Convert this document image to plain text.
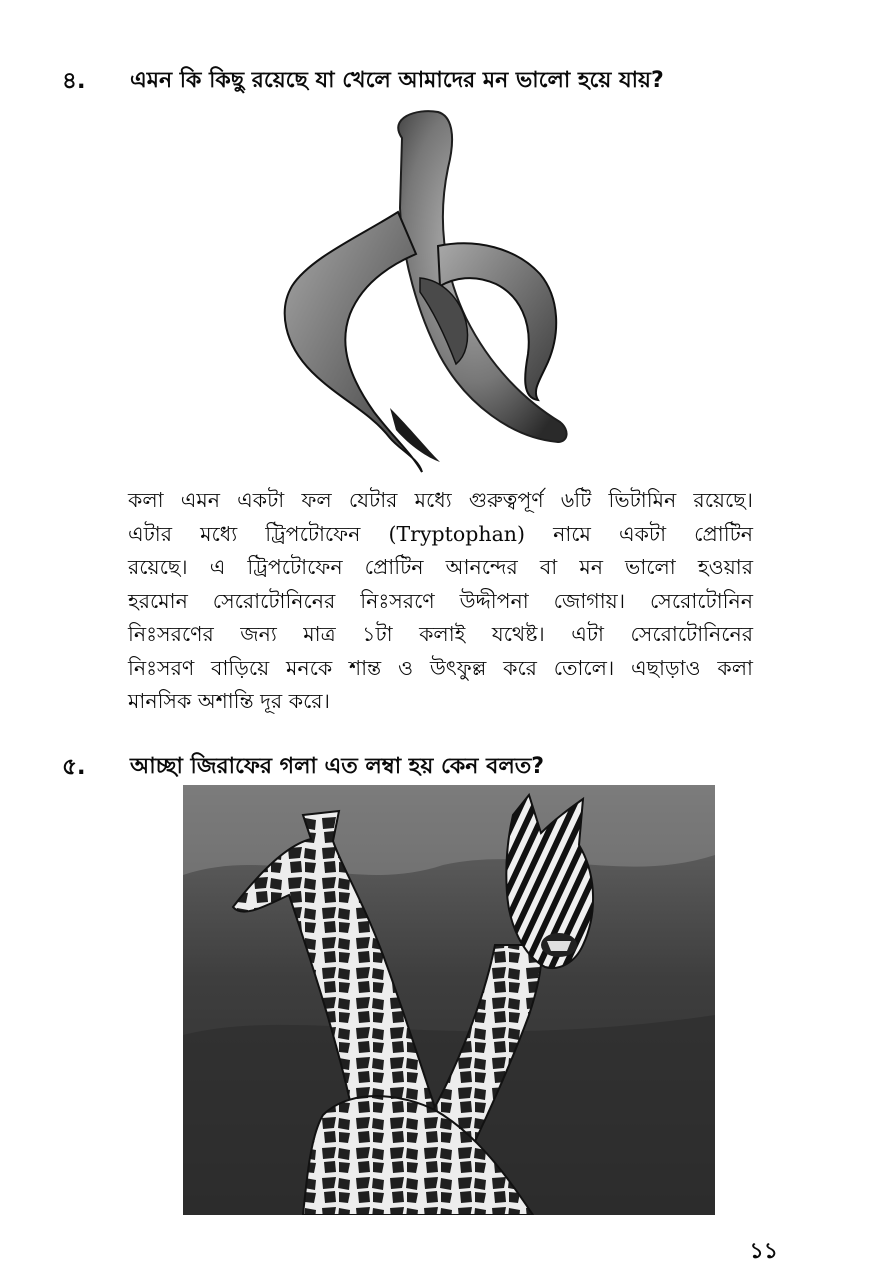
৪. এমন কি কিছু রয়েছে যা খেলে আমাদের মন ভালো হয়ে যায়?
কলা এমন একটা ফল যেটার মধ্যে গুরুত্বপূর্ণ ৬টি ভিটামিন রয়েছে।
এটার মধ্যে ট্রিপটোফেন (Tryptophan) নামে একটা প্রোটিন
রয়েছে। এ ট্রিপটোফেন প্রোটিন আনন্দের বা মন ভালো হওয়ার
হরমোন সেরোটোনিনের নিঃসরণে উদ্দীপনা জোগায়। সেরোটোনিন
নিঃসরণের জন্য মাত্র ১টা কলাই যথেষ্ট। এটা সেরোটোনিনের
নিঃসরণ বাড়িয়ে মনকে শান্ত ও উৎফুল্ল করে তোলে। এছাড়াও কলা
মানসিক অশান্তি দূর করে।
৫. আচ্ছা জিরাফের গলা এত লম্বা হয় কেন বলত?
১১
